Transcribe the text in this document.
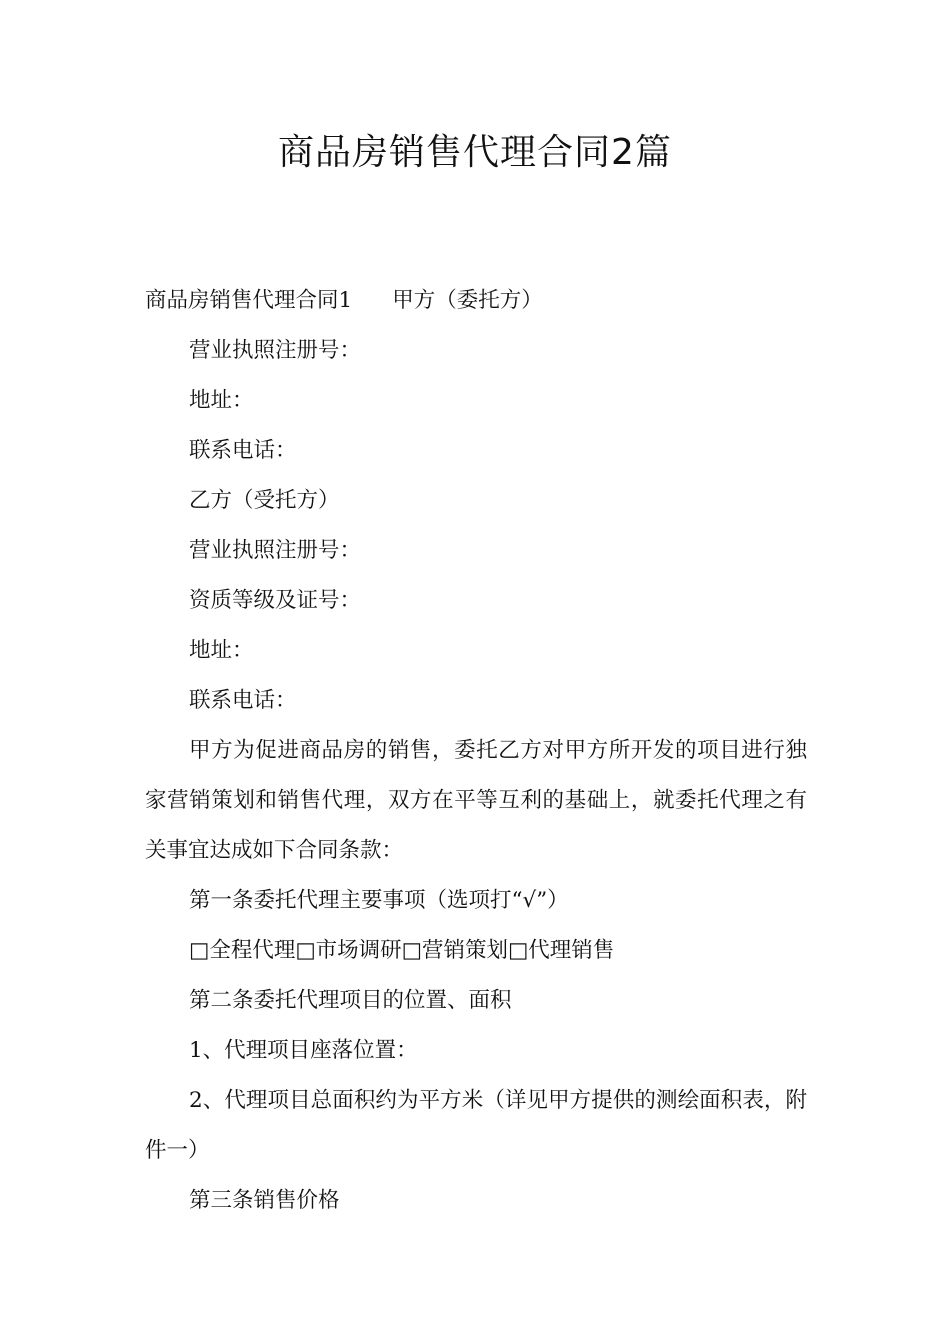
商品房销售代理合同2篇

商品房销售代理合同1 甲方（委托方）

营业执照注册号：

地址：

联系电话：

乙方（受托方）

营业执照注册号：

资质等级及证号：

地址：

联系电话：

甲方为促进商品房的销售，委托乙方对甲方所开发的项目进行独家营销策划和销售代理，双方在平等互利的基础上，就委托代理之有关事宜达成如下合同条款：

第一条委托代理主要事项（选项打“√”）

□全程代理□市场调研□营销策划□代理销售

第二条委托代理项目的位置、面积

1、代理项目座落位置：

2、代理项目总面积约为平方米（详见甲方提供的测绘面积表，附件一）

第三条销售价格
